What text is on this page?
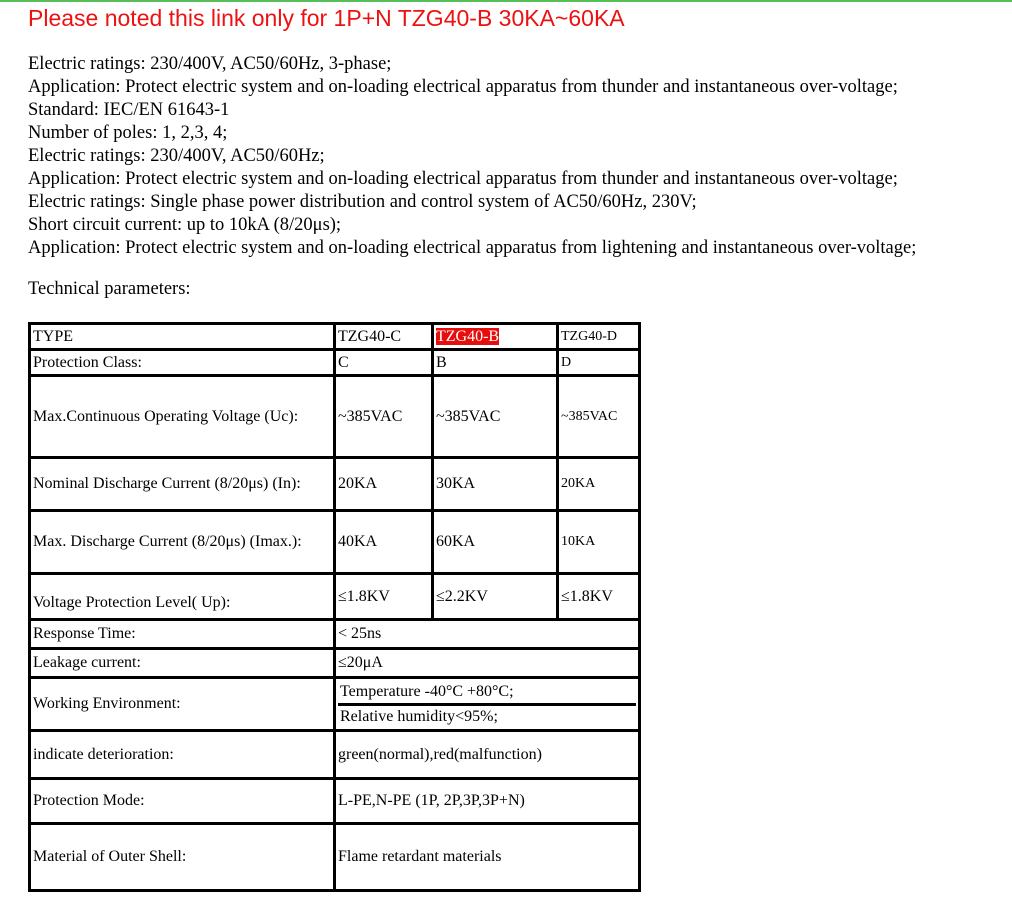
Please noted this link only for 1P+N TZG40-B 30KA~60KA
Electric ratings: 230/400V, AC50/60Hz, 3-phase;
Application: Protect electric system and on-loading electrical apparatus from thunder and instantaneous over-voltage;
Standard: IEC/EN 61643-1
Number of poles: 1, 2,3, 4;
Electric ratings: 230/400V, AC50/60Hz;
Application: Protect electric system and on-loading electrical apparatus from thunder and instantaneous over-voltage;
Electric ratings: Single phase power distribution and control system of AC50/60Hz, 230V;
Short circuit current: up to 10kA (8/20μs);
Application: Protect electric system and on-loading electrical apparatus from lightening and instantaneous over-voltage;
Technical parameters:
TYPE	TZG40-C	TZG40-B	TZG40-D
Protection Class:	C	B	D
Max.Continuous Operating Voltage (Uc):	~385VAC	~385VAC	~385VAC
Nominal Discharge Current (8/20μs) (In):	20KA	30KA	20KA
Max. Discharge Current (8/20μs) (Imax.):	40KA	60KA	10KA
Voltage Protection Level( Up):	≤1.8KV	≤2.2KV	≤1.8KV
Response Time:	< 25ns		
Leakage current:	≤20μA		
Working Environment:	Temperature -40°C +80°C;
Relative humidity<95%;		

indicate deterioration:	green(normal),red(malfunction)		
Protection Mode:	L-PE,N-PE (1P, 2P,3P,3P+N)		
Material of Outer Shell:	Flame retardant materials		
